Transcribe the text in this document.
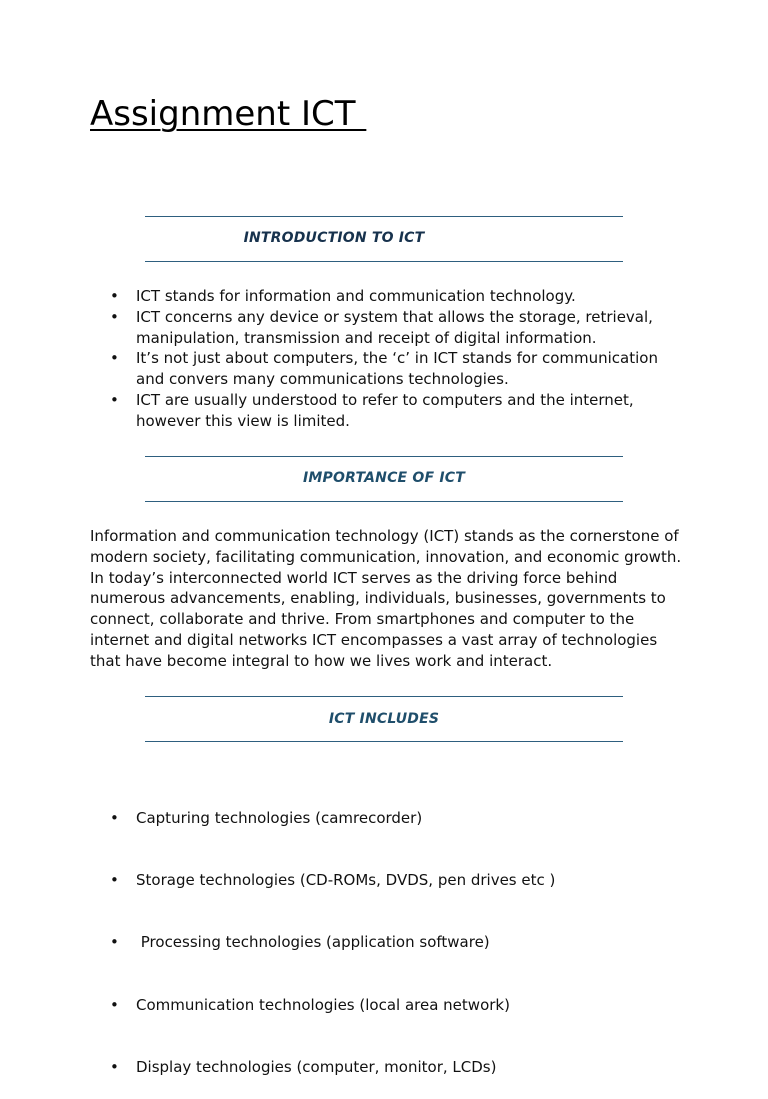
Assignment ICT
INTRODUCTION TO ICT
• ICT stands for information and communication technology.
• ICT concerns any device or system that allows the storage, retrieval, manipulation, transmission and receipt of digital information.
• It’s not just about computers, the ‘c’ in ICT stands for communication and convers many communications technologies.
• ICT are usually understood to refer to computers and the internet, however this view is limited.
IMPORTANCE OF ICT

Information and communication technology (ICT) stands as the cornerstone of modern society, facilitating communication, innovation, and economic growth. In today’s interconnected world ICT serves as the driving force behind numerous advancements, enabling, individuals, businesses, governments to connect, collaborate and thrive. From smartphones and computer to the internet and digital networks ICT encompasses a vast array of technologies that have become integral to how we lives work and interact.

ICT INCLUDES

• Capturing technologies (camrecorder)

• Storage technologies (CD-ROMs, DVDS, pen drives etc )

•  Processing technologies (application software)

• Communication technologies (local area network)

• Display technologies (computer, monitor, LCDs)
